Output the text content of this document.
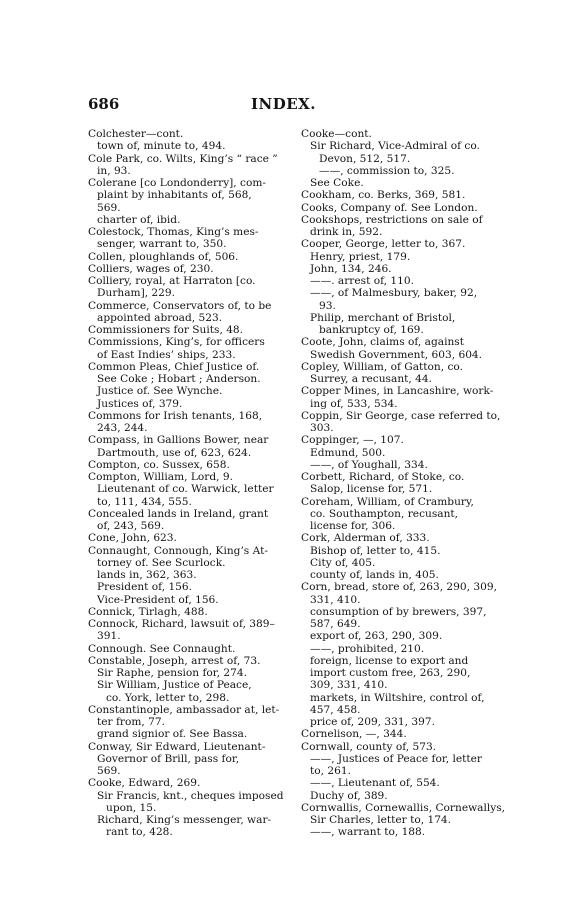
INDEX.
686
Colchester—cont.
town of, minute to, 494.
Cole Park, co. Wilts, King’s “ race ”
in, 93.
Colerane [co Londonderry], com-
plaint by inhabitants of, 568,
569.
charter of, ibid.
Colestock, Thomas, King’s mes-
senger, warrant to, 350.
Collen, ploughlands of, 506.
Colliers, wages of, 230.
Colliery, royal, at Harraton [co.
Durham], 229.
Commerce, Conservators of, to be
appointed abroad, 523.
Commissioners for Suits, 48.
Commissions, King’s, for officers
of East Indies’ ships, 233.
Common Pleas, Chief Justice of.
See Coke ; Hobart ; Anderson.
Justice of. See Wynche.
Justices of, 379.
Commons for Irish tenants, 168,
243, 244.
Compass, in Gallions Bower, near
Dartmouth, use of, 623, 624.
Compton, co. Sussex, 658.
Compton, William, Lord, 9.
Lieutenant of co. Warwick, letter
to, 111, 434, 555.
Concealed lands in Ireland, grant
of, 243, 569.
Cone, John, 623.
Connaught, Connough, King’s At-
torney of. See Scurlock.
lands in, 362, 363.
President of, 156.
Vice-President of, 156.
Connick, Tirlagh, 488.
Connock, Richard, lawsuit of, 389–
391.
Connough. See Connaught.
Constable, Joseph, arrest of, 73.
Sir Raphe, pension for, 274.
Sir William, Justice of Peace,
co. York, letter to, 298.
Constantinople, ambassador at, let-
ter from, 77.
grand signior of. See Bassa.
Conway, Sir Edward, Lieutenant-
Governor of Brill, pass for,
569.
Cooke, Edward, 269.
Sir Francis, knt., cheques imposed
upon, 15.
Richard, King’s messenger, war-
rant to, 428.
Cooke—cont.
Sir Richard, Vice-Admiral of co.
Devon, 512, 517.
——, commission to, 325.
See Coke.
Cookham, co. Berks, 369, 581.
Cooks, Company of. See London.
Cookshops, restrictions on sale of
drink in, 592.
Cooper, George, letter to, 367.
Henry, priest, 179.
John, 134, 246.
——. arrest of, 110.
——, of Malmesbury, baker, 92,
93.
Philip, merchant of Bristol,
bankruptcy of, 169.
Coote, John, claims of, against
Swedish Government, 603, 604.
Copley, William, of Gatton, co.
Surrey, a recusant, 44.
Copper Mines, in Lancashire, work-
ing of, 533, 534.
Coppin, Sir George, case referred to,
303.
Coppinger, —, 107.
Edmund, 500.
——, of Youghall, 334.
Corbett, Richard, of Stoke, co.
Salop, license for, 571.
Coreham, William, of Crambury,
co. Southampton, recusant,
license for, 306.
Cork, Alderman of, 333.
Bishop of, letter to, 415.
City of, 405.
county of, lands in, 405.
Corn, bread, store of, 263, 290, 309,
331, 410.
consumption of by brewers, 397,
587, 649.
export of, 263, 290, 309.
——, prohibited, 210.
foreign, license to export and
import custom free, 263, 290,
309, 331, 410.
markets, in Wiltshire, control of,
457, 458.
price of, 209, 331, 397.
Cornelison, —, 344.
Cornwall, county of, 573.
——, Justices of Peace for, letter
to, 261.
——, Lieutenant of, 554.
Duchy of, 389.
Cornwallis, Cornewallis, Cornewallys,
Sir Charles, letter to, 174.
——, warrant to, 188.
